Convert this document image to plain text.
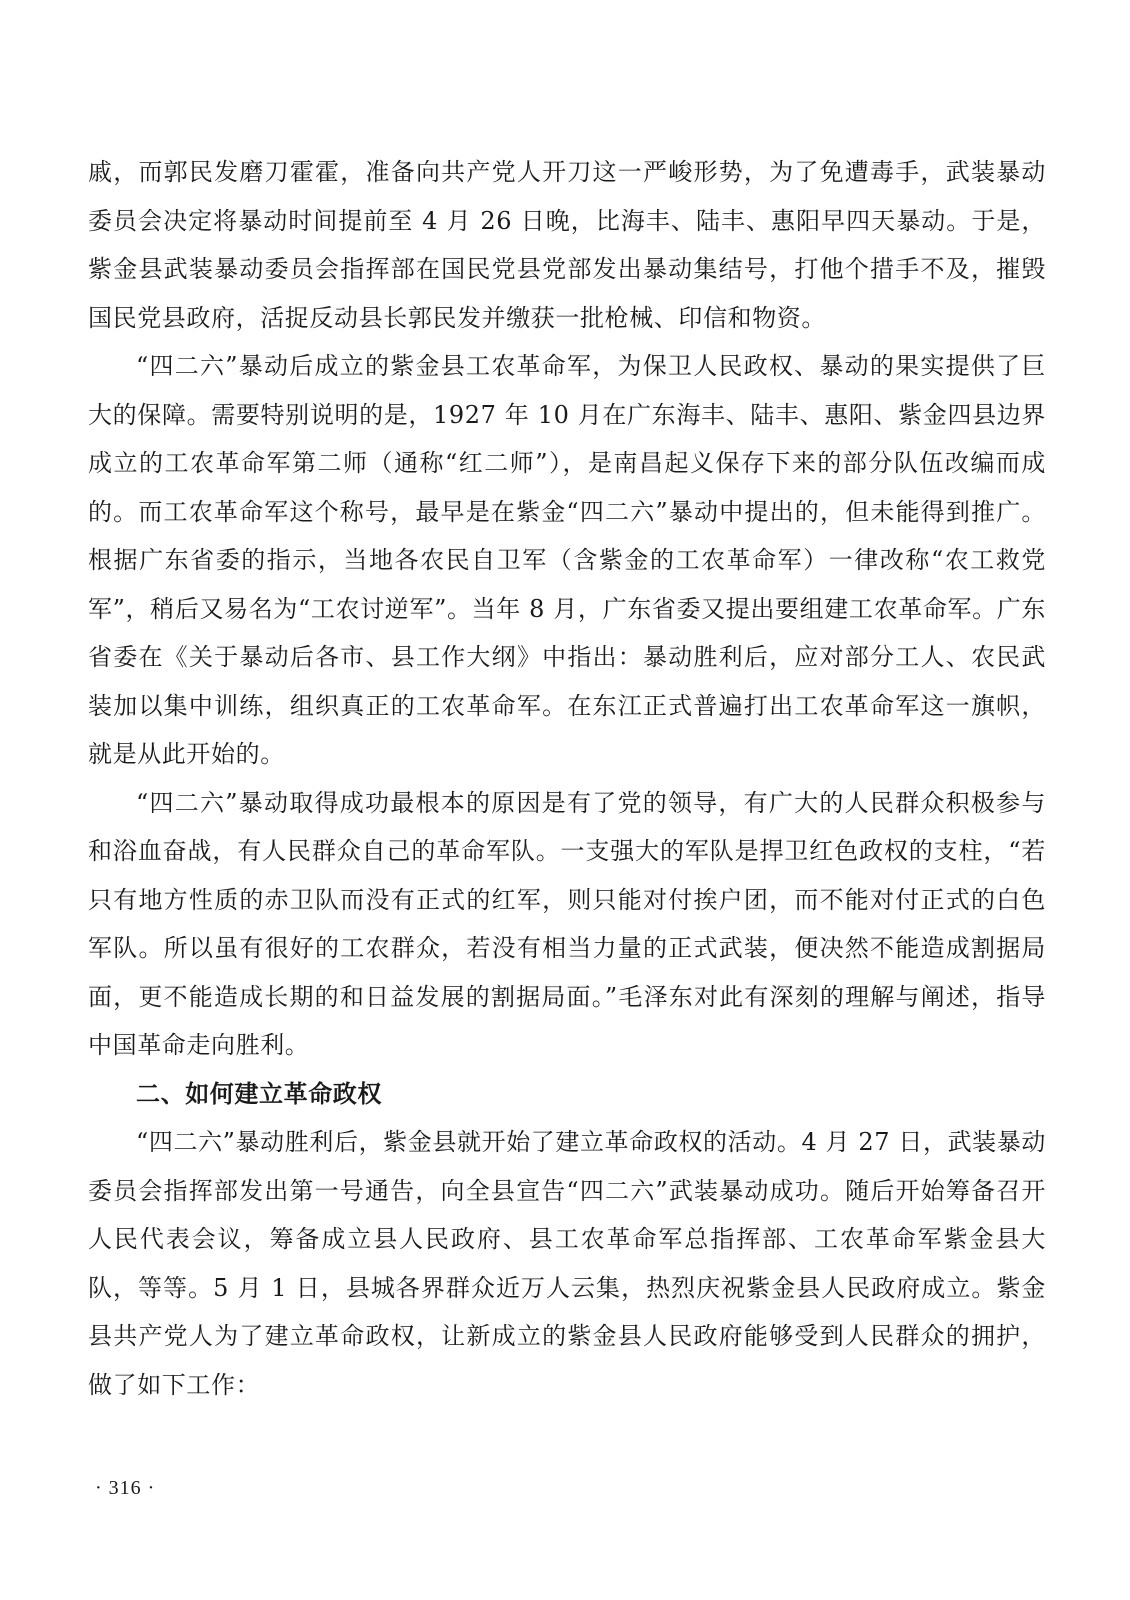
戚，而郭民发磨刀霍霍，准备向共产党人开刀这一严峻形势，为了免遭毒手，武装暴动委员会决定将暴动时间提前至 4 月 26 日晚，比海丰、陆丰、惠阳早四天暴动。于是，紫金县武装暴动委员会指挥部在国民党县党部发出暴动集结号，打他个措手不及，摧毁国民党县政府，活捉反动县长郭民发并缴获一批枪械、印信和物资。

“四二六”暴动后成立的紫金县工农革命军，为保卫人民政权、暴动的果实提供了巨大的保障。需要特别说明的是，1927 年 10 月在广东海丰、陆丰、惠阳、紫金四县边界成立的工农革命军第二师（通称“红二师”），是南昌起义保存下来的部分队伍改编而成的。而工农革命军这个称号，最早是在紫金“四二六”暴动中提出的，但未能得到推广。根据广东省委的指示，当地各农民自卫军（含紫金的工农革命军）一律改称“农工救党军”，稍后又易名为“工农讨逆军”。当年 8 月，广东省委又提出要组建工农革命军。广东省委在《关于暴动后各市、县工作大纲》中指出：暴动胜利后，应对部分工人、农民武装加以集中训练，组织真正的工农革命军。在东江正式普遍打出工农革命军这一旗帜，就是从此开始的。

“四二六”暴动取得成功最根本的原因是有了党的领导，有广大的人民群众积极参与和浴血奋战，有人民群众自己的革命军队。一支强大的军队是捍卫红色政权的支柱，“若只有地方性质的赤卫队而没有正式的红军，则只能对付挨户团，而不能对付正式的白色军队。所以虽有很好的工农群众，若没有相当力量的正式武装，便决然不能造成割据局面，更不能造成长期的和日益发展的割据局面。”毛泽东对此有深刻的理解与阐述，指导中国革命走向胜利。

二、如何建立革命政权

“四二六”暴动胜利后，紫金县就开始了建立革命政权的活动。4 月 27 日，武装暴动委员会指挥部发出第一号通告，向全县宣告“四二六”武装暴动成功。随后开始筹备召开人民代表会议，筹备成立县人民政府、县工农革命军总指挥部、工农革命军紫金县大队，等等。5 月 1 日，县城各界群众近万人云集，热烈庆祝紫金县人民政府成立。紫金县共产党人为了建立革命政权，让新成立的紫金县人民政府能够受到人民群众的拥护，做了如下工作：

· 316 ·
